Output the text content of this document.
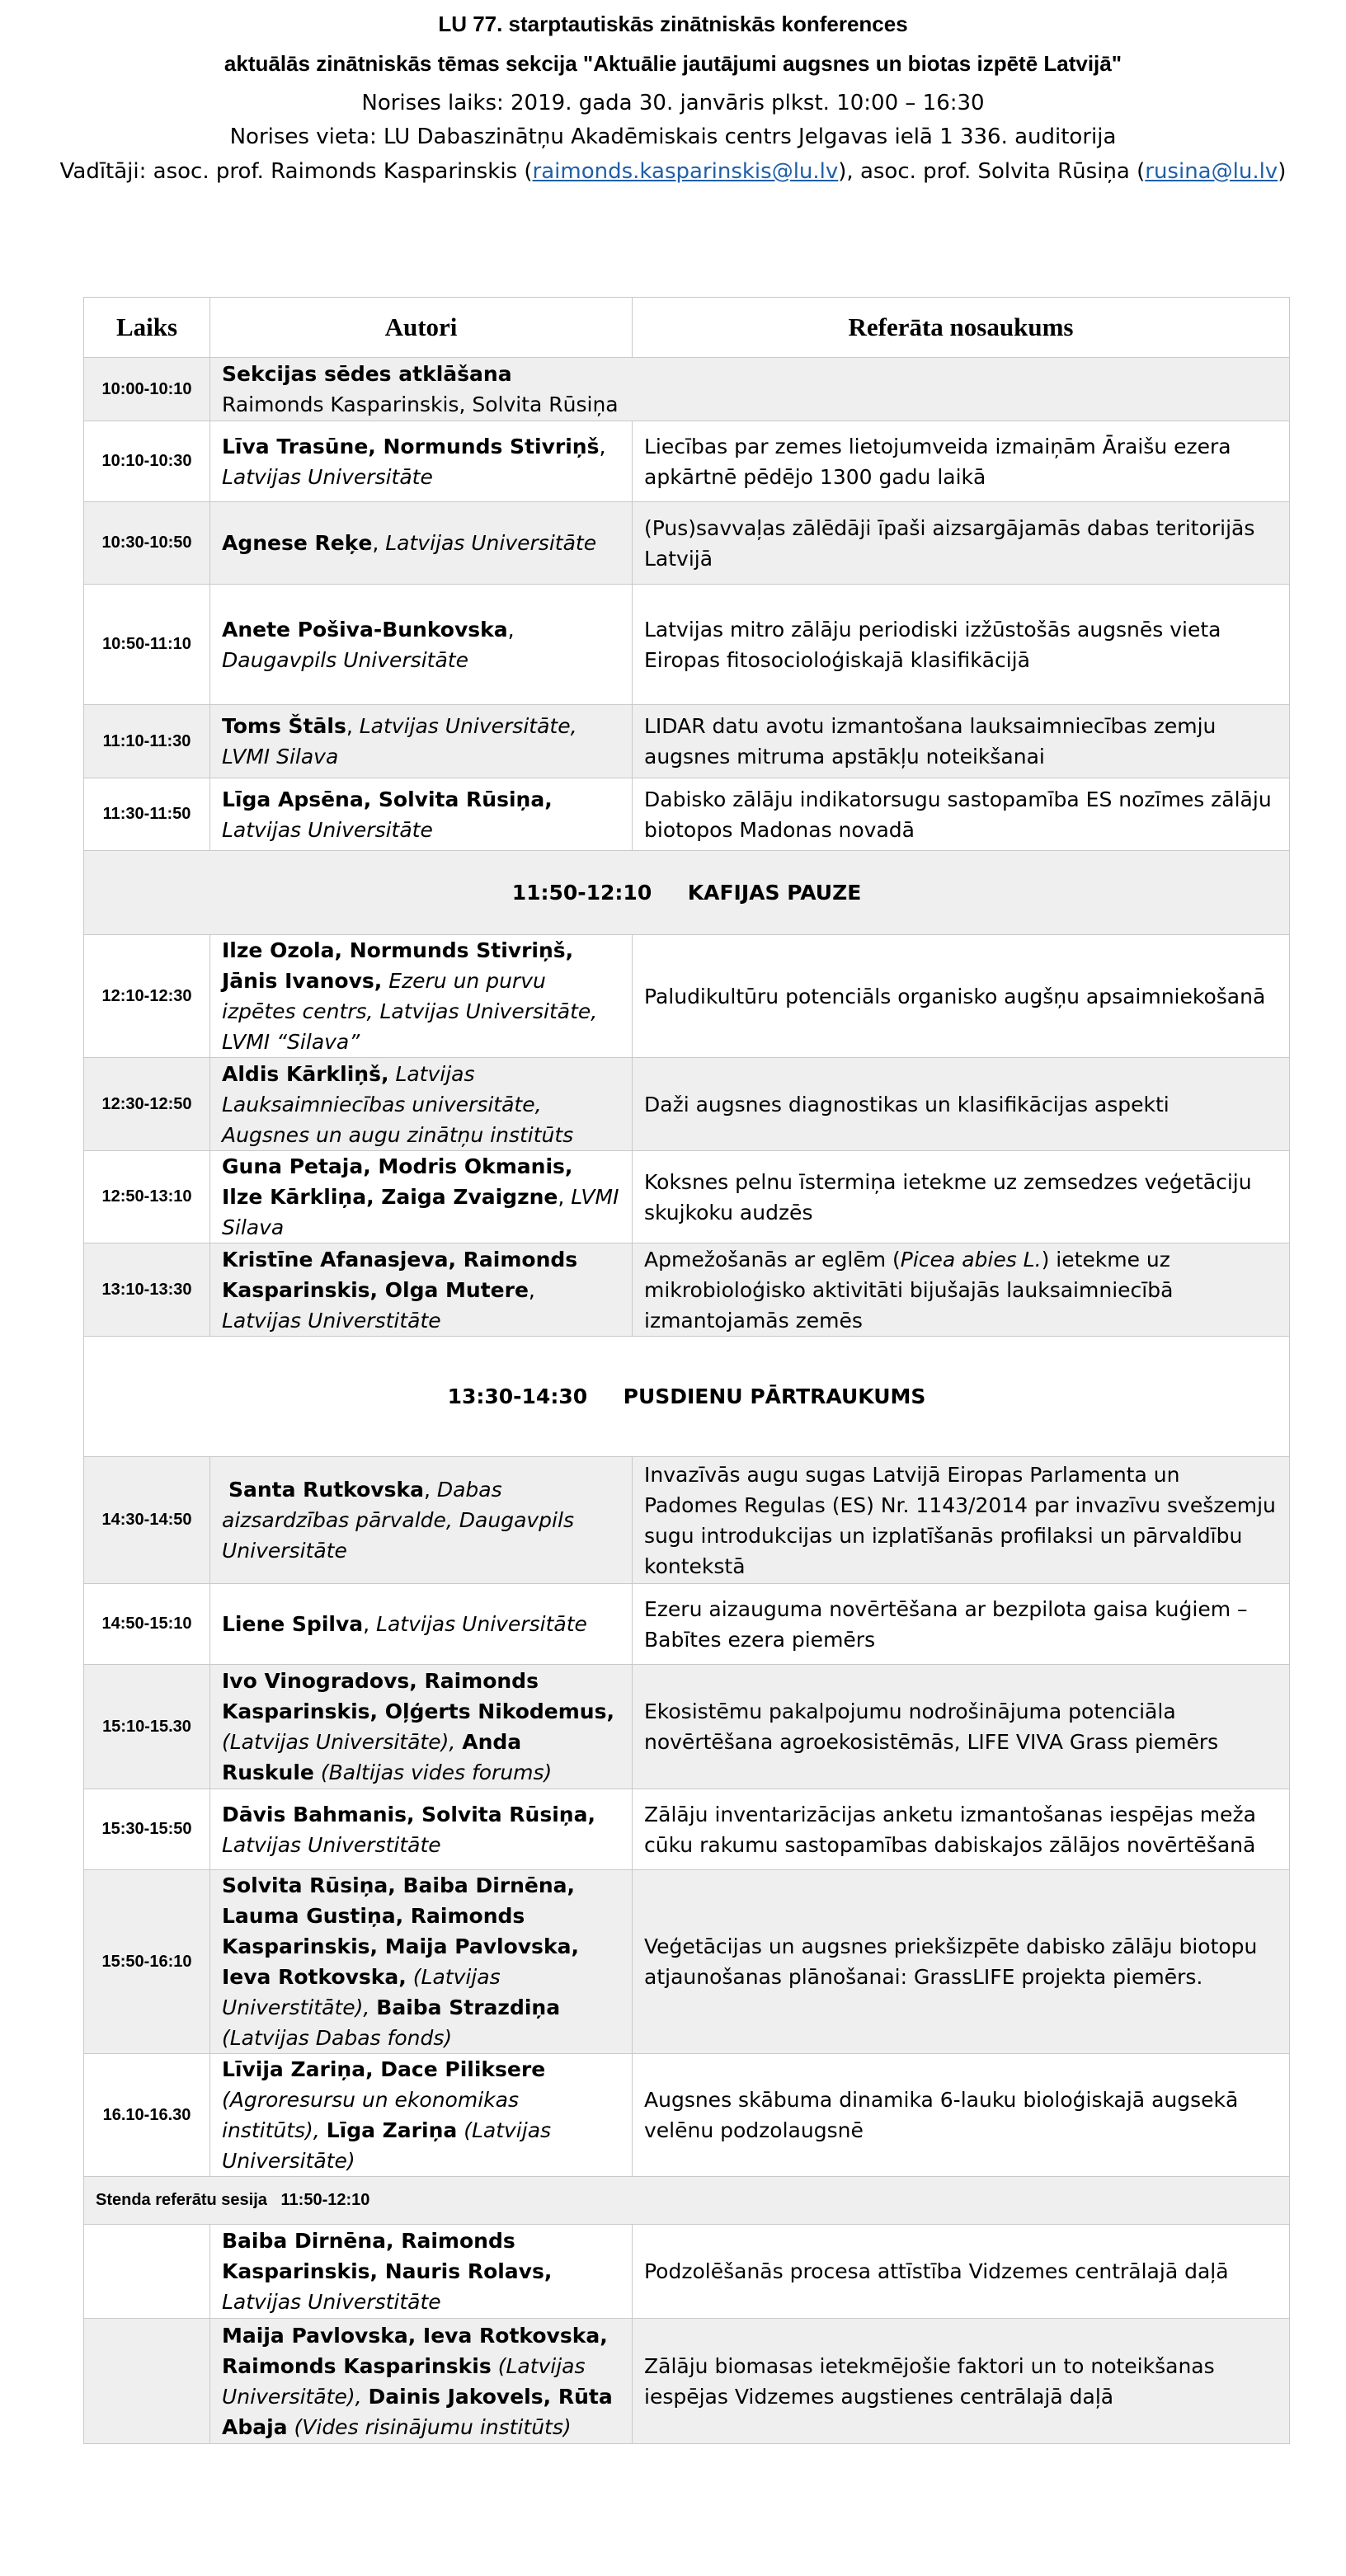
LU 77. starptautiskās zinātniskās konferences
aktuālās zinātniskās tēmas sekcija "Aktuālie jautājumi augsnes un biotas izpētē Latvijā"
Norises laiks: 2019. gada 30. janvāris plkst. 10:00 – 16:30
Norises vieta: LU Dabaszinātņu Akadēmiskais centrs Jelgavas ielā 1 336. auditorija
Vadītāji: asoc. prof. Raimonds Kasparinskis (raimonds.kasparinskis@lu.lv), asoc. prof. Solvita Rūsiņa (rusina@lu.lv)
Laiks	Autori	Referāta nosaukums
10:00-10:10	Sekcijas sēdes atklāšana
Raimonds Kasparinskis, Solvita Rūsiņa	
10:10-10:30	Līva Trasūne, Normunds Stivriņš, Latvijas Universitāte	Liecības par zemes lietojumveida izmaiņām Āraišu ezera apkārtnē pēdējo 1300 gadu laikā
10:30-10:50	Agnese Reķe, Latvijas Universitāte	(Pus)savvaļas zālēdāji īpaši aizsargājamās dabas teritorijās Latvijā
10:50-11:10	Anete Pošiva-Bunkovska, Daugavpils Universitāte	Latvijas mitro zālāju periodiski izžūstošās augsnēs vieta Eiropas fitosocioloģiskajā klasifikācijā
11:10-11:30	Toms Štāls, Latvijas Universitāte, LVMI Silava	LIDAR datu avotu izmantošana lauksaimniecības zemju augsnes mitruma apstākļu noteikšanai
11:30-11:50	Līga Apsēna, Solvita Rūsiņa, Latvijas Universitāte	Dabisko zālāju indikatorsugu sastopamība ES nozīmes zālāju biotopos Madonas novadā
11:50-12:10     KAFIJAS PAUZE		
12:10-12:30	Ilze Ozola, Normunds Stivriņš, Jānis Ivanovs, Ezeru un purvu izpētes centrs, Latvijas Universitāte, LVMI “Silava”	Paludikultūru potenciāls organisko augšņu apsaimniekošanā
12:30-12:50	Aldis Kārkliņš, Latvijas Lauksaimniecības universitāte, Augsnes un augu zinātņu institūts	Daži augsnes diagnostikas un klasifikācijas aspekti
12:50-13:10	Guna Petaja, Modris Okmanis, Ilze Kārkliņa, Zaiga Zvaigzne, LVMI Silava	Koksnes pelnu īstermiņa ietekme uz zemsedzes veģetāciju skujkoku audzēs
13:10-13:30	Kristīne Afanasjeva, Raimonds Kasparinskis, Olga Mutere, Latvijas Universtitāte	Apmežošanās ar eglēm (Picea abies L.) ietekme uz mikrobioloģisko aktivitāti bijušajās lauksaimniecībā izmantojamās zemēs
13:30-14:30     PUSDIENU PĀRTRAUKUMS		
14:30-14:50	Santa Rutkovska, Dabas aizsardzības pārvalde, Daugavpils Universitāte	Invazīvās augu sugas Latvijā Eiropas Parlamenta un Padomes Regulas (ES) Nr. 1143/2014 par invazīvu svešzemju sugu introdukcijas un izplatīšanās profilaksi un pārvaldību kontekstā
14:50-15:10	Liene Spilva, Latvijas Universitāte	Ezeru aizauguma novērtēšana ar bezpilota gaisa kuģiem – Babītes ezera piemērs
15:10-15.30	Ivo Vinogradovs, Raimonds Kasparinskis, Oļģerts Nikodemus, (Latvijas Universitāte), Anda Ruskule (Baltijas vides forums)	Ekosistēmu pakalpojumu nodrošinājuma potenciāla novērtēšana agroekosistēmās, LIFE VIVA Grass piemērs
15:30-15:50	Dāvis Bahmanis, Solvita Rūsiņa, Latvijas Universtitāte	Zālāju inventarizācijas anketu izmantošanas iespējas meža cūku rakumu sastopamības dabiskajos zālājos novērtēšanā
15:50-16:10	Solvita Rūsiņa, Baiba Dirnēna, Lauma Gustiņa, Raimonds Kasparinskis, Maija Pavlovska, Ieva Rotkovska, (Latvijas Universtitāte), Baiba Strazdiņa (Latvijas Dabas fonds)	Veģetācijas un augsnes priekšizpēte dabisko zālāju biotopu atjaunošanas plānošanai: GrassLIFE projekta piemērs.
16.10-16.30	Līvija Zariņa, Dace Piliksere (Agroresursu un ekonomikas institūts), Līga Zariņa (Latvijas Universitāte)	Augsnes skābuma dinamika 6-lauku bioloģiskajā augsekā velēnu podzolaugsnē
Stenda referātu sesija   11:50-12:10		
	Baiba Dirnēna, Raimonds Kasparinskis, Nauris Rolavs, Latvijas Universtitāte	Podzolēšanās procesa attīstība Vidzemes centrālajā daļā
	Maija Pavlovska, Ieva Rotkovska, Raimonds Kasparinskis (Latvijas Universitāte), Dainis Jakovels, Rūta Abaja (Vides risinājumu institūts)	Zālāju biomasas ietekmējošie faktori un to noteikšanas iespējas Vidzemes augstienes centrālajā daļā
